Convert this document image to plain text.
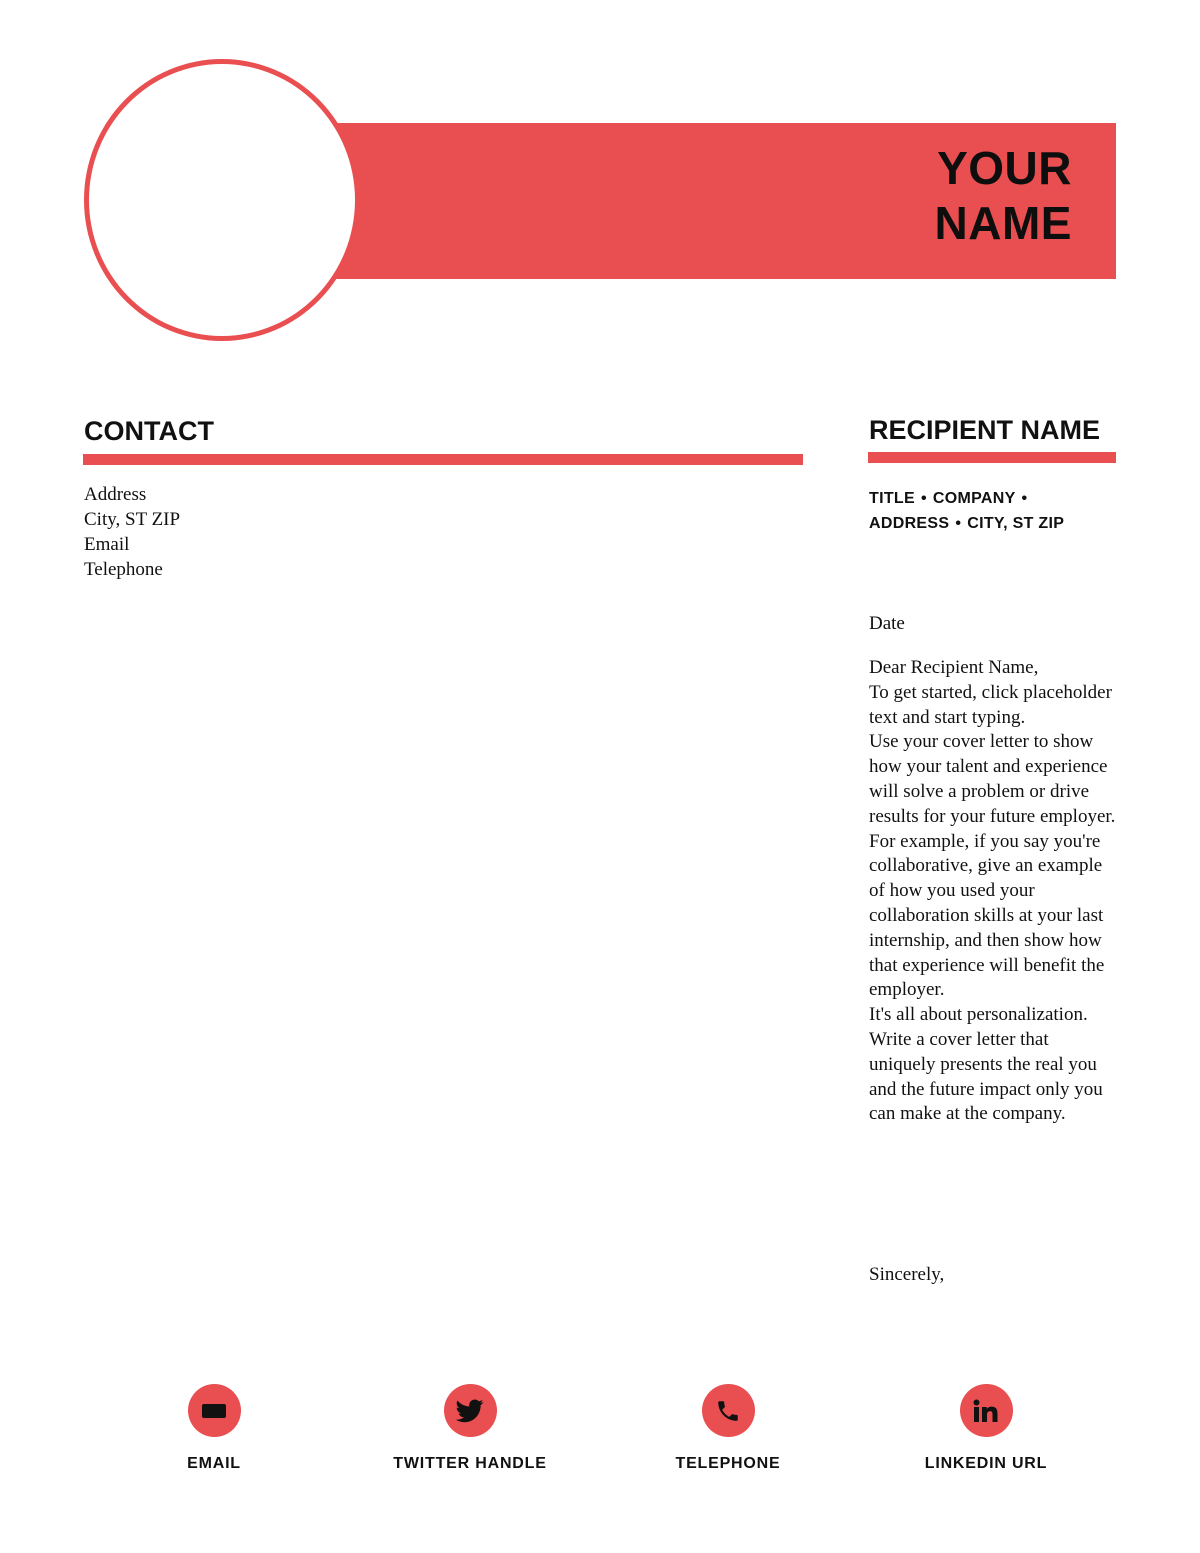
YOUR
NAME
CONTACT
Address
City, ST ZIP
Email
Telephone
RECIPIENT NAME
TITLE • COMPANY •
ADDRESS • CITY, ST ZIP
Date

Dear Recipient Name,

To get started, click placeholder text and start typing.

Use your cover letter to show how your talent and experience will solve a problem or drive results for your future employer. For example, if you say you're collaborative, give an example of how you used your collaboration skills at your last internship, and then show how that experience will benefit the employer.

It's all about personalization. Write a cover letter that uniquely presents the real you and the future impact only you can make at the company.

Sincerely,
EMAIL	TWITTER HANDLE	TELEPHONE	LINKEDIN URL
